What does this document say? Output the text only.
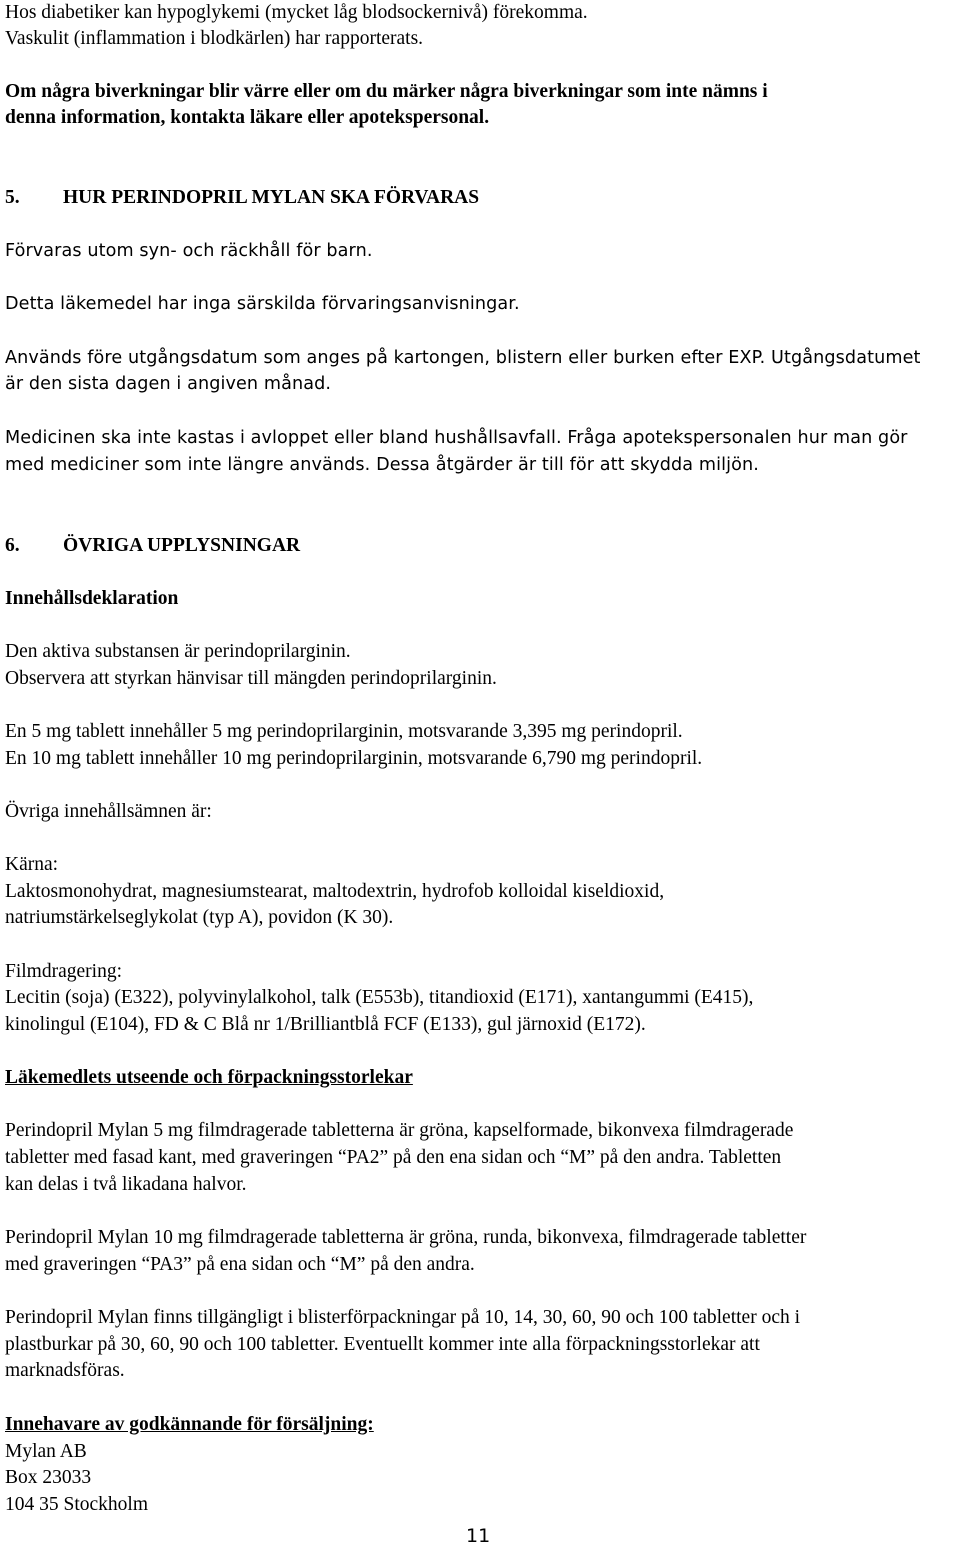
Hos diabetiker kan hypoglykemi (mycket låg blodsockernivå) förekomma.
Vaskulit (inflammation i blodkärlen) har rapporterats.
Om några biverkningar blir värre eller om du märker några biverkningar som inte nämns i
denna information, kontakta läkare eller apotekspersonal.
5. HUR PERINDOPRIL MYLAN SKA FÖRVARAS
Förvaras utom syn- och räckhåll för barn.
Detta läkemedel har inga särskilda förvaringsanvisningar.
Används före utgångsdatum som anges på kartongen, blistern eller burken efter EXP. Utgångsdatumet
är den sista dagen i angiven månad.
Medicinen ska inte kastas i avloppet eller bland hushållsavfall. Fråga apotekspersonalen hur man gör
med mediciner som inte längre används. Dessa åtgärder är till för att skydda miljön.
6. ÖVRIGA UPPLYSNINGAR
Innehållsdeklaration
Den aktiva substansen är perindoprilarginin.
Observera att styrkan hänvisar till mängden perindoprilarginin.
En 5 mg tablett innehåller 5 mg perindoprilarginin, motsvarande 3,395 mg perindopril.
En 10 mg tablett innehåller 10 mg perindoprilarginin, motsvarande 6,790 mg perindopril.
Övriga innehållsämnen är:
Kärna:
Laktosmonohydrat, magnesiumstearat, maltodextrin, hydrofob kolloidal kiseldioxid,
natriumstärkelseglykolat (typ A), povidon (K 30).
Filmdragering:
Lecitin (soja) (E322), polyvinylalkohol, talk (E553b), titandioxid (E171), xantangummi (E415),
kinolingul (E104), FD & C Blå nr 1/Brilliantblå FCF (E133), gul järnoxid (E172).
Läkemedlets utseende och förpackningsstorlekar
Perindopril Mylan 5 mg filmdragerade tabletterna är gröna, kapselformade, bikonvexa filmdragerade
tabletter med fasad kant, med graveringen “PA2” på den ena sidan och “M” på den andra. Tabletten
kan delas i två likadana halvor.
Perindopril Mylan 10 mg filmdragerade tabletterna är gröna, runda, bikonvexa, filmdragerade tabletter
med graveringen “PA3” på ena sidan och “M” på den andra.
Perindopril Mylan finns tillgängligt i blisterförpackningar på 10, 14, 30, 60, 90 och 100 tabletter och i
plastburkar på 30, 60, 90 och 100 tabletter. Eventuellt kommer inte alla förpackningsstorlekar att
marknadsföras.
Innehavare av godkännande för försäljning:
Mylan AB
Box 23033
104 35 Stockholm
11
